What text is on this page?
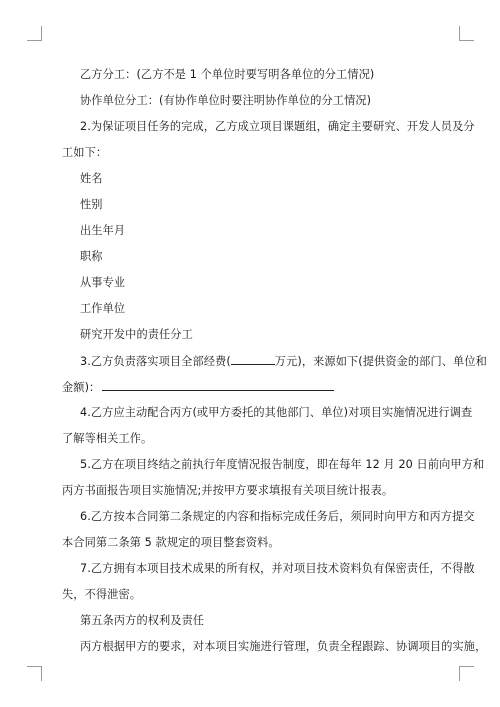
乙方分工：(乙方不是 1 个单位时要写明各单位的分工情况)
协作单位分工：(有协作单位时要注明协作单位的分工情况)
2.为保证项目任务的完成，乙方成立项目课题组，确定主要研究、开发人员及分
工如下：
姓名
性别
出生年月
职称
从事专业
工作单位
研究开发中的责任分工
3.乙方负责落实项目全部经费(	万元)，来源如下(提供资金的部门、单位和
金额)：
4.乙方应主动配合丙方(或甲方委托的其他部门、单位)对项目实施情况进行调查
了解等相关工作。
5.乙方在项目终结之前执行年度情况报告制度，即在每年 12 月 20 日前向甲方和
丙方书面报告项目实施情况;并按甲方要求填报有关项目统计报表。
6.乙方按本合同第二条规定的内容和指标完成任务后，须同时向甲方和丙方提交
本合同第二条第 5 款规定的项目整套资料。
7.乙方拥有本项目技术成果的所有权，并对项目技术资料负有保密责任，不得散
失，不得泄密。
第五条丙方的权利及责任
丙方根据甲方的要求，对本项目实施进行管理，负责全程跟踪、协调项目的实施，
